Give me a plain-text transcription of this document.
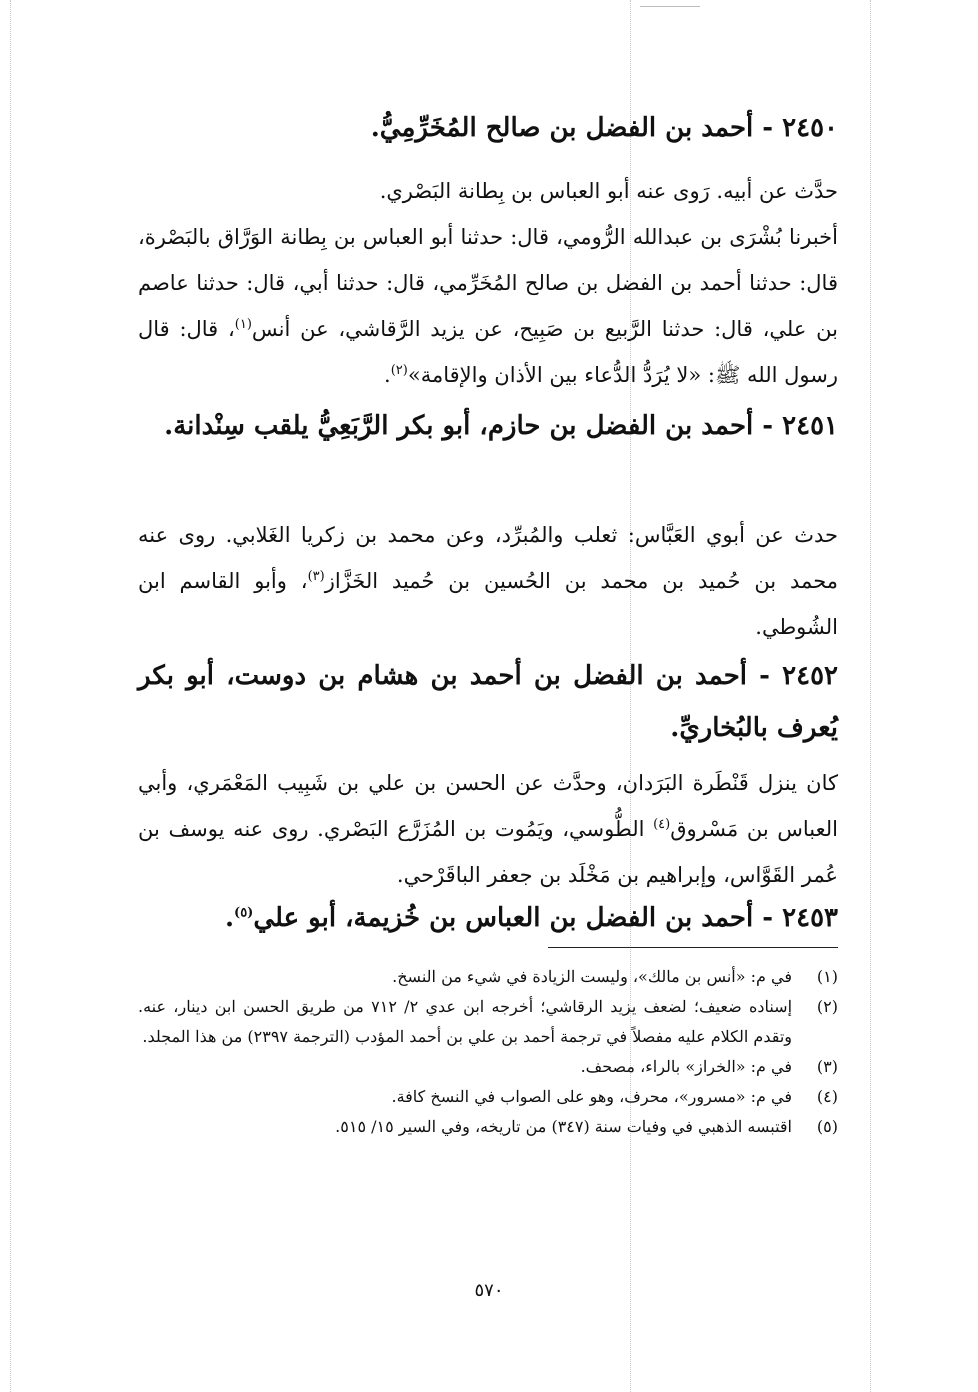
٢٤٥٠ - أحمد بن الفضل بن صالح المُخَرِّمِيُّ.
حدَّث عن أبيه. رَوى عنه أبو العباس بن بِطانة البَصْري.
أخبرنا بُشْرَى بن عبدالله الرُّومي، قال: حدثنا أبو العباس بن بِطانة الوَرَّاق بالبَصْرة، قال: حدثنا أحمد بن الفضل بن صالح المُخَرِّمي، قال: حدثنا أبي، قال: حدثنا عاصم بن علي، قال: حدثنا الرَّبيع بن صَبِيح، عن يزيد الرَّقاشي، عن أنس$^{(١)}$، قال: قال رسول الله ﷺ: «لا يُرَدُّ الدُّعاء بين الأذان والإقامة»$^{(٢)}$.
٢٤٥١ - أحمد بن الفضل بن حازم، أبو بكر الرَّبَعِيُّ يلقب سِنْدانة.
حدث عن أبوي العَبَّاس: ثعلب والمُبرِّد، وعن محمد بن زكريا الغَلابي. روى عنه محمد بن حُميد بن محمد بن الحُسين بن حُميد الخَزَّاز$^{(٣)}$، وأبو القاسم ابن الشُوطي.
٢٤٥٢ - أحمد بن الفضل بن أحمد بن هشام بن دوست، أبو بكر يُعرف بالبُخاريِّ.
كان ينزل قَنْطَرة البَرَدان، وحدَّث عن الحسن بن علي بن شَبِيب المَعْمَري، وأبي العباس بن مَسْروق$^{(٤)}$ الطُّوسي، ويَمُوت بن المُزَرَّع البَصْري. روى عنه يوسف بن عُمر القَوَّاس، وإبراهيم بن مَخْلَد بن جعفر الباقَرْحي.
٢٤٥٣ - أحمد بن الفضل بن العباس بن خُزيمة، أبو علي$^{(٥)}$.
(١)
في م: «أنس بن مالك»، وليست الزيادة في شيء من النسخ.
(٢)
إسناده ضعيف؛ لضعف يزيد الرقاشي؛ أخرجه ابن عدي ٢/ ٧١٢ من طريق الحسن ابن دينار، عنه. وتقدم الكلام عليه مفصلاً في ترجمة أحمد بن علي بن أحمد المؤدب (الترجمة ٢٣٩٧) من هذا المجلد.
(٣)
في م: «الخراز» بالراء، مصحف.
(٤)
في م: «مسرور»، محرف، وهو على الصواب في النسخ كافة.
(٥)
اقتبسه الذهبي في وفيات سنة (٣٤٧) من تاريخه، وفي السير ١٥/ ٥١٥.
٥٧٠
